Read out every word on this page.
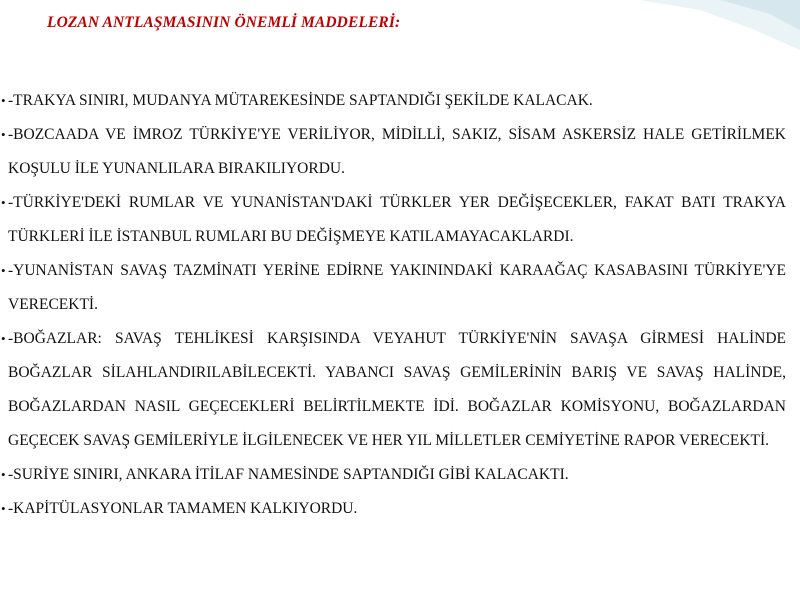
LOZAN ANTLAŞMASININ ÖNEMLİ MADDELERİ:
• -TRAKYA SINIRI, MUDANYA MÜTAREKESİNDE SAPTANDIĞI ŞEKİLDE KALACAK.
• -BOZCAADA VE İMROZ TÜRKİYE'YE VERİLİYOR, MİDİLLİ, SAKIZ, SİSAM ASKERSİZ HALE GETİRİLMEK KOŞULU İLE YUNANLILARA BIRAKILIYORDU.
• -TÜRKİYE'DEKİ RUMLAR VE YUNANİSTAN'DAKİ TÜRKLER YER DEĞİŞECEKLER, FAKAT BATI TRAKYA TÜRKLERİ İLE İSTANBUL RUMLARI BU DEĞİŞMEYE KATILAMAYACAKLARDI.
• -YUNANİSTAN SAVAŞ TAZMİNATI YERİNE EDİRNE YAKININDAKİ KARAAĞAÇ KASABASINI TÜRKİYE'YE VERECEKTİ.
• -BOĞAZLAR: SAVAŞ TEHLİKESİ KARŞISINDA VEYAHUT TÜRKİYE'NİN SAVAŞA GİRMESİ HALİNDE BOĞAZLAR SİLAHLANDIRILABİLECEKTİ. YABANCI SAVAŞ GEMİLERİNİN BARIŞ VE SAVAŞ HALİNDE, BOĞAZLARDAN NASIL GEÇECEKLERİ BELİRTİLMEKTE İDİ. BOĞAZLAR KOMİSYONU, BOĞAZLARDAN GEÇECEK SAVAŞ GEMİLERİYLE İLGİLENECEK VE HER YIL MİLLETLER CEMİYETİNE RAPOR VERECEKTİ.
• -SURİYE SINIRI, ANKARA İTİLAF NAMESİNDE SAPTANDIĞI GİBİ KALACAKTI.
• -KAPİTÜLASYONLAR TAMAMEN KALKIYORDU.
